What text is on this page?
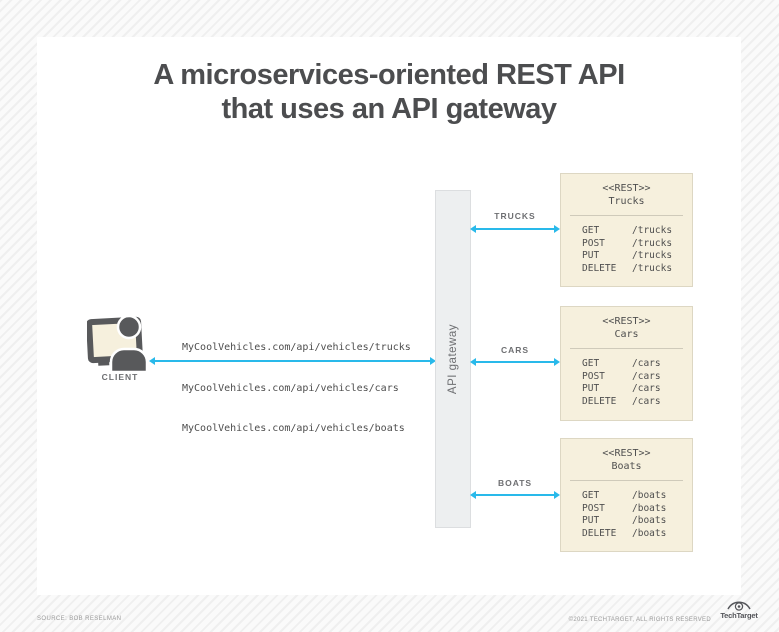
A microservices-oriented REST API
that uses an API gateway
CLIENT

MyCoolVehicles.com/api/vehicles/trucks

MyCoolVehicles.com/api/vehicles/cars

MyCoolVehicles.com/api/vehicles/boats

API gateway
TRUCKS
CARS
BOATS
<<REST>>
Trucks
GET	/trucks
POST	/trucks
PUT	/trucks
DELETE	/trucks
<<REST>>
Cars
GET	/cars
POST	/cars
PUT	/cars
DELETE	/cars
<<REST>>
Boats
GET	/boats
POST	/boats
PUT	/boats
DELETE	/boats
SOURCE: BOB RESELMAN	©2021 TECHTARGET, ALL RIGHTS RESERVED	TechTarget
